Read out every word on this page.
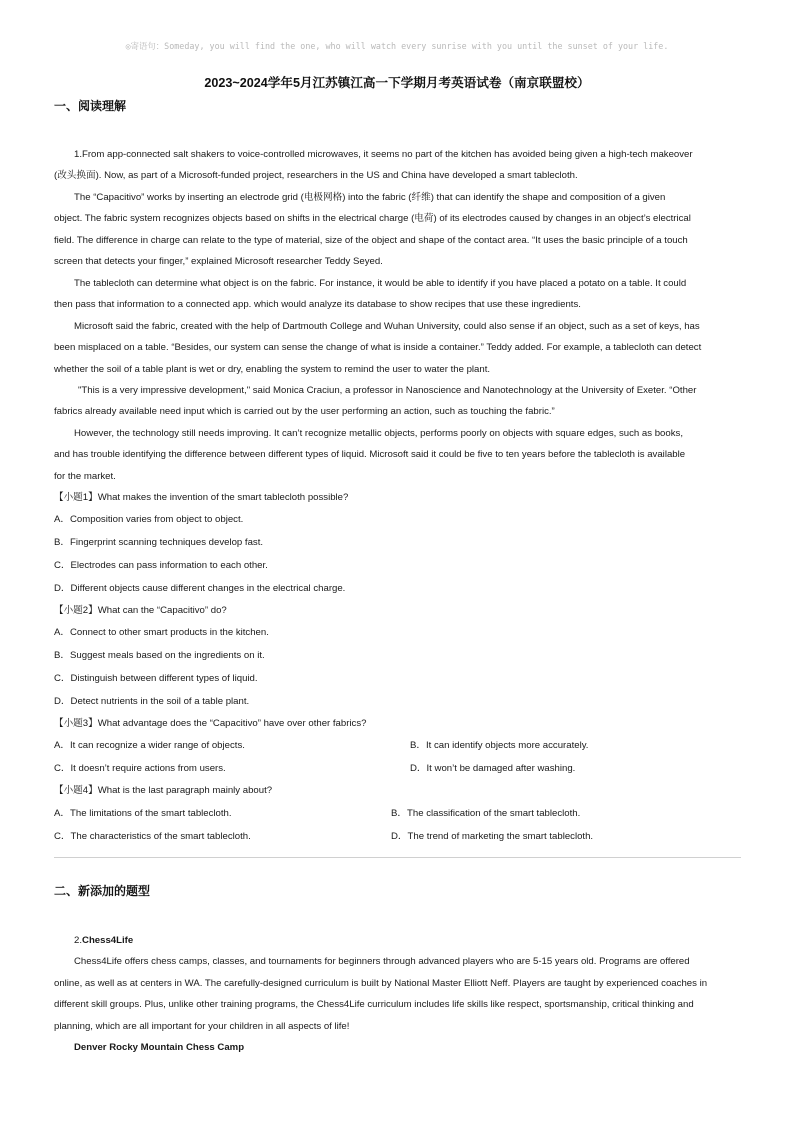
◎寄语句：Someday, you will find the one, who will watch every sunrise with you until the sunset of your life.
2023~2024学年5月江苏镇江高一下学期月考英语试卷（南京联盟校）
一、阅读理解

1.From app-connected salt shakers to voice-controlled microwaves, it seems no part of the kitchen has avoided being given a high-tech makeover

(改头换面). Now, as part of a Microsoft-funded project, researchers in the US and China have developed a smart tablecloth.

The “Capacitivo” works by inserting an electrode grid (电极网格) into the fabric (纤维) that can identify the shape and composition of a given

object. The fabric system recognizes objects based on shifts in the electrical charge (电荷) of its electrodes caused by changes in an object’s electrical

field. The difference in charge can relate to the type of material, size of the object and shape of the contact area. “It uses the basic principle of a touch

screen that detects your finger,” explained Microsoft researcher Teddy Seyed.

The tablecloth can determine what object is on the fabric. For instance, it would be able to identify if you have placed a potato on a table. It could

then pass that information to a connected app. which would analyze its database to show recipes that use these ingredients.

Microsoft said the fabric, created with the help of Dartmouth College and Wuhan University, could also sense if an object, such as a set of keys, has

been misplaced on a table. “Besides, our system can sense the change of what is inside a container.” Teddy added. For example, a tablecloth can detect

whether the soil of a table plant is wet or dry, enabling the system to remind the user to water the plant.

"This is a very impressive development," said Monica Craciun, a professor in Nanoscience and Nanotechnology at the University of Exeter. “Other

fabrics already available need input which is carried out by the user performing an action, such as touching the fabric.”

However, the technology still needs improving. It can’t recognize metallic objects, performs poorly on objects with square edges, such as books,

and has trouble identifying the difference between different types of liquid. Microsoft said it could be five to ten years before the tablecloth is available

for the market.

【小题1】What makes the invention of the smart tablecloth possible?

A．Composition varies from object to object.

B．Fingerprint scanning techniques develop fast.

C．Electrodes can pass information to each other.

D．Different objects cause different changes in the electrical charge.

【小题2】What can the “Capacitivo” do?

A．Connect to other smart products in the kitchen.

B．Suggest meals based on the ingredients on it.

C．Distinguish between different types of liquid.

D．Detect nutrients in the soil of a table plant.

【小题3】What advantage does the “Capacitivo” have over other fabrics?

A．It can recognize a wider range of objects.	B．It can identify objects more accurately.

C．It doesn’t require actions from users.	D．It won’t be damaged after washing.

【小题4】What is the last paragraph mainly about?

A．The limitations of the smart tablecloth.	B．The classification of the smart tablecloth.

C．The characteristics of the smart tablecloth.	D．The trend of marketing the smart tablecloth.

二、新添加的题型

2.Chess4Life

Chess4Life offers chess camps, classes, and tournaments for beginners through advanced players who are 5-15 years old. Programs are offered

online, as well as at centers in WA. The carefully-designed curriculum is built by National Master Elliott Neff. Players are taught by experienced coaches in

different skill groups. Plus, unlike other training programs, the Chess4Life curriculum includes life skills like respect, sportsmanship, critical thinking and

planning, which are all important for your children in all aspects of life!

Denver Rocky Mountain Chess Camp
